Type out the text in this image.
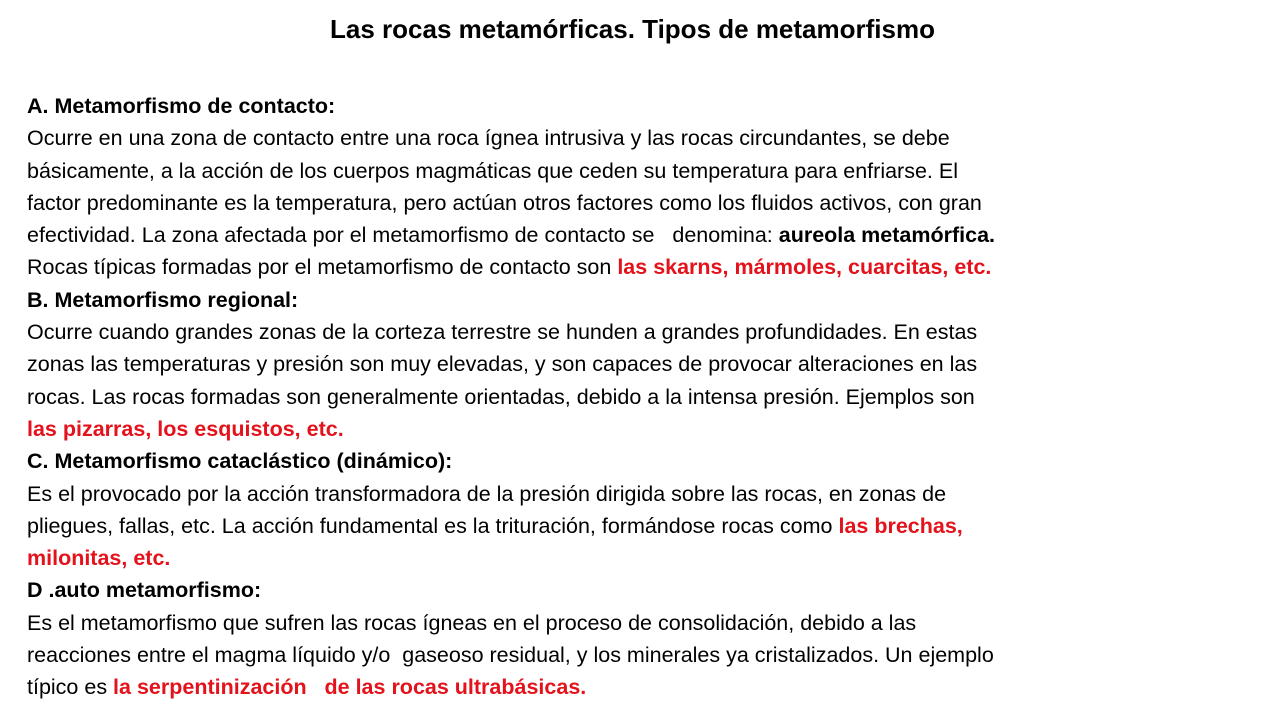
Las rocas metamórficas. Tipos de metamorfismo
A. Metamorfismo de contacto:
Ocurre en una zona de contacto entre una roca ígnea intrusiva y las rocas circundantes, se debe
básicamente, a la acción de los cuerpos magmáticas que ceden su temperatura para enfriarse. El
factor predominante es la temperatura, pero actúan otros factores como los fluidos activos, con gran
efectividad. La zona afectada por el metamorfismo de contacto se   denomina: aureola metamórfica.
Rocas típicas formadas por el metamorfismo de contacto son las skarns, mármoles, cuarcitas, etc.
B. Metamorfismo regional:
Ocurre cuando grandes zonas de la corteza terrestre se hunden a grandes profundidades. En estas
zonas las temperaturas y presión son muy elevadas, y son capaces de provocar alteraciones en las
rocas. Las rocas formadas son generalmente orientadas, debido a la intensa presión. Ejemplos son
las pizarras, los esquistos, etc.
C. Metamorfismo cataclástico (dinámico):
Es el provocado por la acción transformadora de la presión dirigida sobre las rocas, en zonas de
pliegues, fallas, etc. La acción fundamental es la trituración, formándose rocas como las brechas,
milonitas, etc.
D .auto metamorfismo:
Es el metamorfismo que sufren las rocas ígneas en el proceso de consolidación, debido a las
reacciones entre el magma líquido y/o  gaseoso residual, y los minerales ya cristalizados. Un ejemplo
típico es la serpentinización   de las rocas ultrabásicas.
